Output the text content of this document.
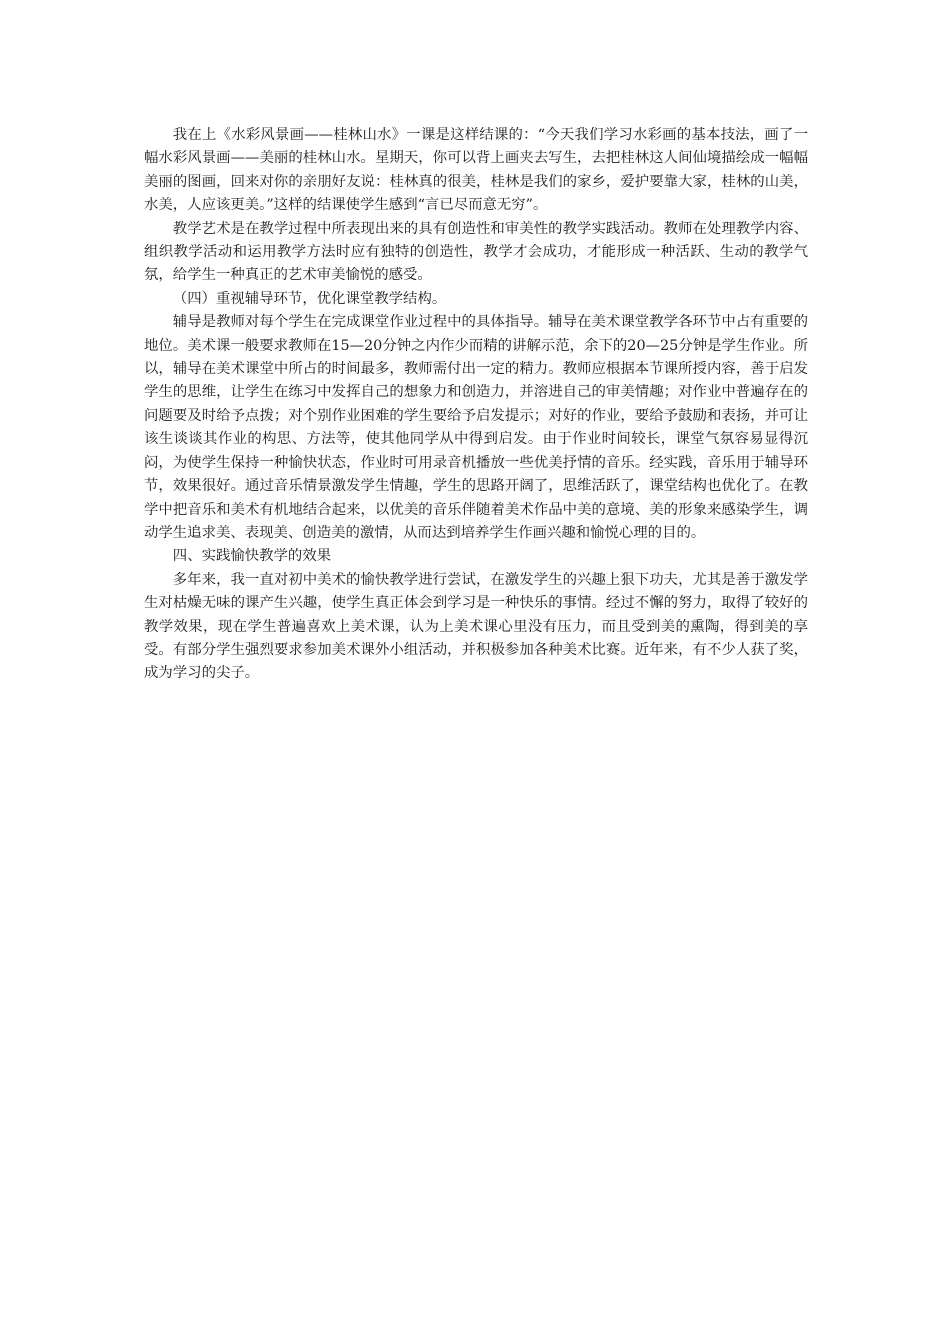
我在上《水彩风景画——桂林山水》一课是这样结课的：“今天我们学习水彩画的基本技法，画了一幅水彩风景画——美丽的桂林山水。星期天，你可以背上画夹去写生，去把桂林这人间仙境描绘成一幅幅美丽的图画，回来对你的亲朋好友说：桂林真的很美，桂林是我们的家乡，爱护要靠大家，桂林的山美，水美，人应该更美。”这样的结课使学生感到“言已尽而意无穷”。

教学艺术是在教学过程中所表现出来的具有创造性和审美性的教学实践活动。教师在处理教学内容、组织教学活动和运用教学方法时应有独特的创造性，教学才会成功，才能形成一种活跃、生动的教学气氛，给学生一种真正的艺术审美愉悦的感受。

（四）重视辅导环节，优化课堂教学结构。

辅导是教师对每个学生在完成课堂作业过程中的具体指导。辅导在美术课堂教学各环节中占有重要的地位。美术课一般要求教师在15—20分钟之内作少而精的讲解示范，余下的20—25分钟是学生作业。所以，辅导在美术课堂中所占的时间最多，教师需付出一定的精力。教师应根据本节课所授内容，善于启发学生的思维，让学生在练习中发挥自己的想象力和创造力，并溶进自己的审美情趣；对作业中普遍存在的问题要及时给予点拨；对个别作业困难的学生要给予启发提示；对好的作业，要给予鼓励和表扬，并可让该生谈谈其作业的构思、方法等，使其他同学从中得到启发。由于作业时间较长，课堂气氛容易显得沉闷，为使学生保持一种愉快状态，作业时可用录音机播放一些优美抒情的音乐。经实践，音乐用于辅导环节，效果很好。通过音乐情景激发学生情趣，学生的思路开阔了，思维活跃了，课堂结构也优化了。在教学中把音乐和美术有机地结合起来，以优美的音乐伴随着美术作品中美的意境、美的形象来感染学生，调动学生追求美、表现美、创造美的激情，从而达到培养学生作画兴趣和愉悦心理的目的。

四、实践愉快教学的效果

多年来，我一直对初中美术的愉快教学进行尝试，在激发学生的兴趣上狠下功夫，尤其是善于激发学生对枯燥无味的课产生兴趣，使学生真正体会到学习是一种快乐的事情。经过不懈的努力，取得了较好的教学效果，现在学生普遍喜欢上美术课，认为上美术课心里没有压力，而且受到美的熏陶，得到美的享受。有部分学生强烈要求参加美术课外小组活动，并积极参加各种美术比赛。近年来，有不少人获了奖，成为学习的尖子。
